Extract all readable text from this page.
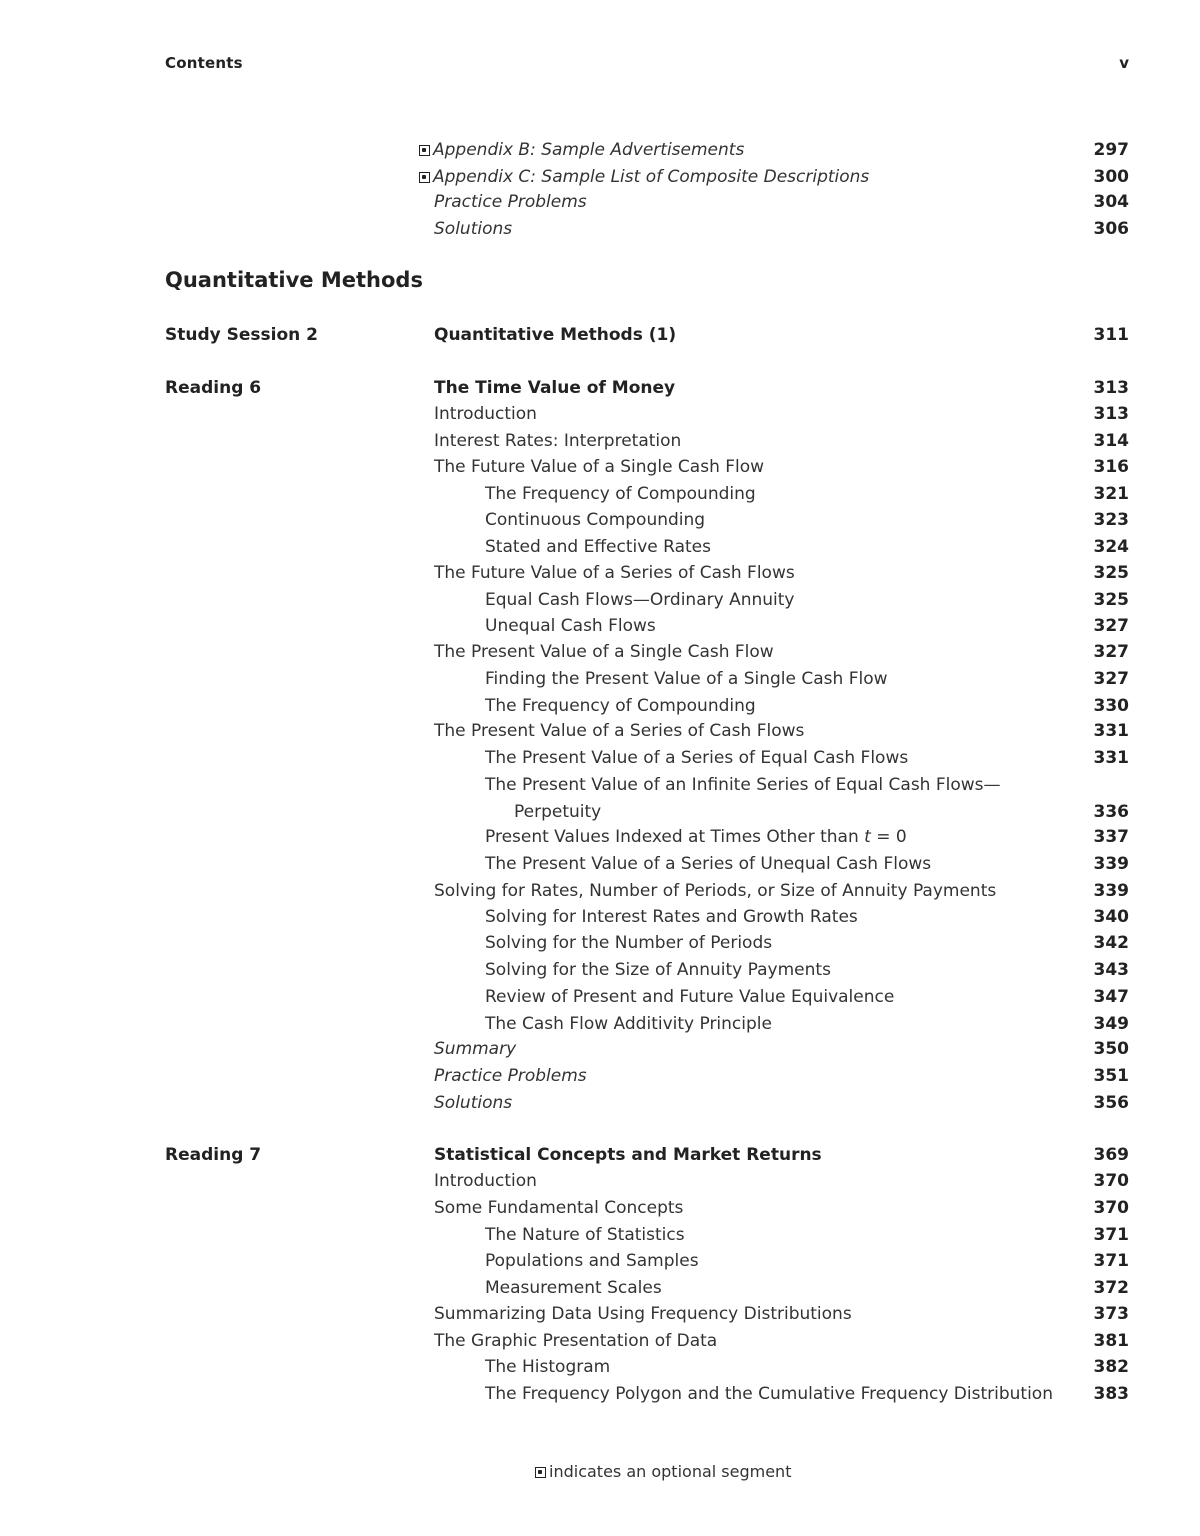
Contents	v
Appendix B: Sample Advertisements	297
Appendix C: Sample List of Composite Descriptions	300
Practice Problems	304
Solutions	306
Quantitative Methods
Study Session 2	Quantitative Methods (1)	311
Reading 6	The Time Value of Money	313
Introduction	313
Interest Rates: Interpretation	314
The Future Value of a Single Cash Flow	316
The Frequency of Compounding	321
Continuous Compounding	323
Stated and Effective Rates	324
The Future Value of a Series of Cash Flows	325
Equal Cash Flows—Ordinary Annuity	325
Unequal Cash Flows	327
The Present Value of a Single Cash Flow	327
Finding the Present Value of a Single Cash Flow	327
The Frequency of Compounding	330
The Present Value of a Series of Cash Flows	331
The Present Value of a Series of Equal Cash Flows	331
The Present Value of an Infinite Series of Equal Cash Flows—
Perpetuity	336
Present Values Indexed at Times Other than t = 0	337
The Present Value of a Series of Unequal Cash Flows	339
Solving for Rates, Number of Periods, or Size of Annuity Payments	339
Solving for Interest Rates and Growth Rates	340
Solving for the Number of Periods	342
Solving for the Size of Annuity Payments	343
Review of Present and Future Value Equivalence	347
The Cash Flow Additivity Principle	349
Summary	350
Practice Problems	351
Solutions	356
Reading 7	Statistical Concepts and Market Returns	369
Introduction	370
Some Fundamental Concepts	370
The Nature of Statistics	371
Populations and Samples	371
Measurement Scales	372
Summarizing Data Using Frequency Distributions	373
The Graphic Presentation of Data	381
The Histogram	382
The Frequency Polygon and the Cumulative Frequency Distribution 383
indicates an optional segment
